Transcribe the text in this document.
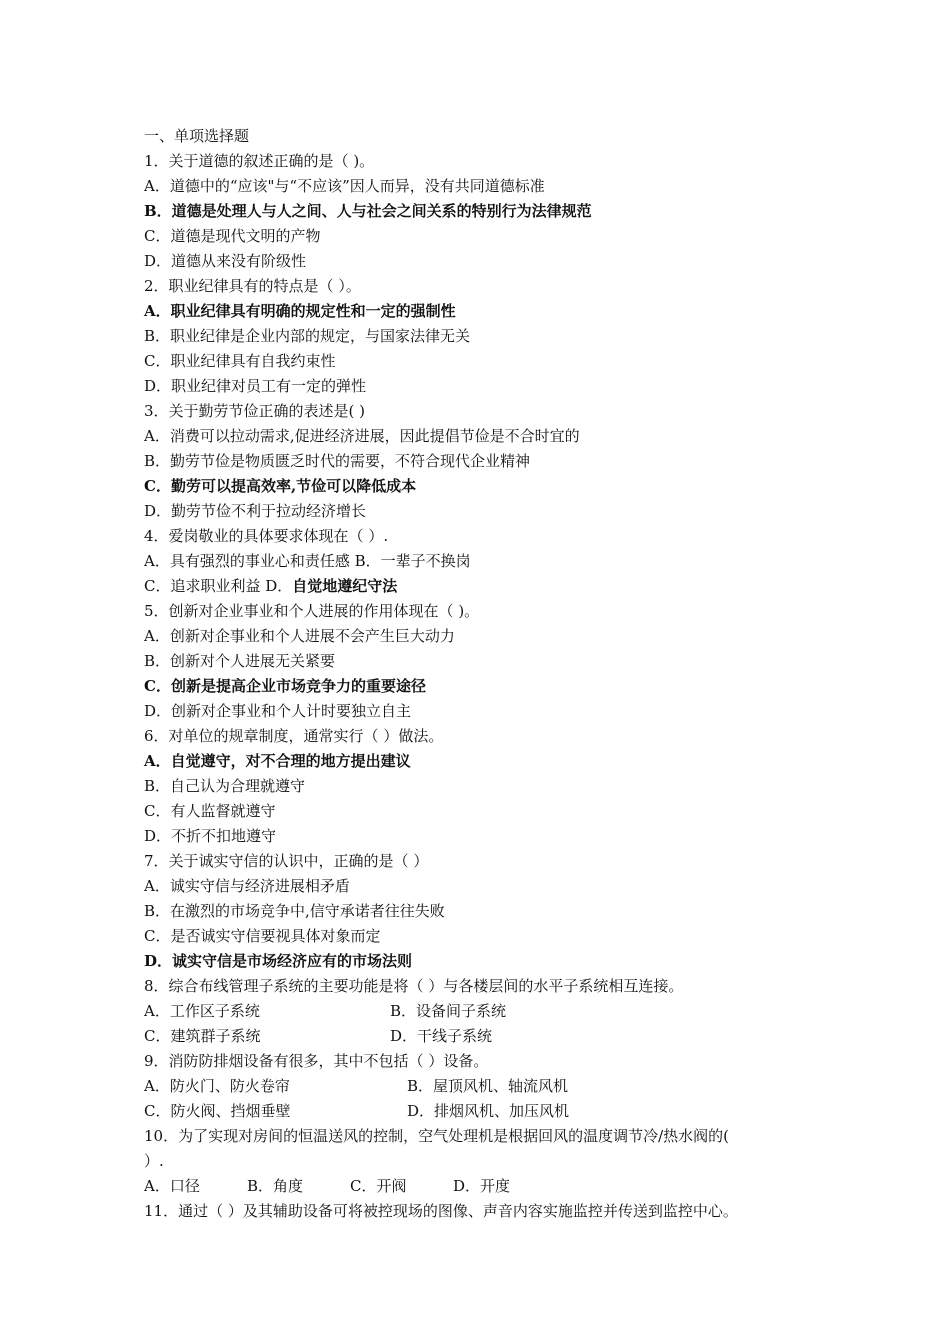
一、单项选择题
1．关于道德的叙述正确的是（ )。
A．道德中的“应该"与“不应该”因人而异，没有共同道德标准
B．道德是处理人与人之间、人与社会之间关系的特别行为法律规范
C．道德是现代文明的产物
D．道德从来没有阶级性
2．职业纪律具有的特点是（ ）。
A．职业纪律具有明确的规定性和一定的强制性
B．职业纪律是企业内部的规定，与国家法律无关
C．职业纪律具有自我约束性
D．职业纪律对员工有一定的弹性
3．关于勤劳节俭正确的表述是( )
A．消费可以拉动需求,促进经济进展，因此提倡节俭是不合时宜的
B．勤劳节俭是物质匮乏时代的需要，不符合现代企业精神
C．勤劳可以提高效率,节俭可以降低成本
D．勤劳节俭不利于拉动经济增长
4．爱岗敬业的具体要求体现在（ ）.
A．具有强烈的事业心和责任感 B．一辈子不换岗
C．追求职业利益 D．自觉地遵纪守法
5．创新对企业事业和个人进展的作用体现在（ )。
A．创新对企事业和个人进展不会产生巨大动力
B．创新对个人进展无关紧要
C．创新是提高企业市场竞争力的重要途径
D．创新对企事业和个人计时要独立自主
6．对单位的规章制度，通常实行（ ）做法。
A．自觉遵守，对不合理的地方提出建议
B．自己认为合理就遵守
C．有人监督就遵守
D．不折不扣地遵守
7．关于诚实守信的认识中，正确的是（ ）
A．诚实守信与经济进展相矛盾
B．在激烈的市场竞争中,信守承诺者往往失败
C．是否诚实守信要视具体对象而定
D．诚实守信是市场经济应有的市场法则
8．综合布线管理子系统的主要功能是将（ ）与各楼层间的水平子系统相互连接。
A．工作区子系统	B．设备间子系统
C．建筑群子系统	D．干线子系统
9．消防防排烟设备有很多，其中不包括（ ）设备。
A．防火门、防火卷帘	B．屋顶风机、轴流风机
C．防火阀、挡烟垂壁	D．排烟风机、加压风机
10．为了实现对房间的恒温送风的控制，空气处理机是根据回风的温度调节冷/热水阀的(
）.
A．口径	B．角度	C．开阀	D．开度
11．通过（ ）及其辅助设备可将被控现场的图像、声音内容实施监控并传送到监控中心。
